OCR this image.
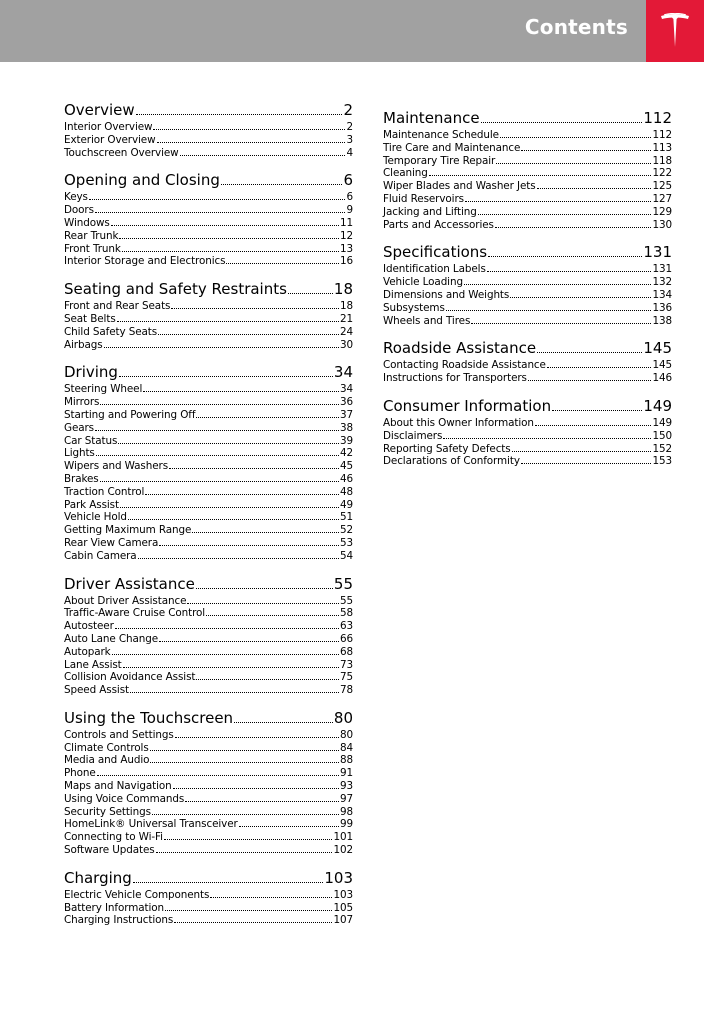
Contents
Overview	2
Interior Overview	2
Exterior Overview	3
Touchscreen Overview	4
Opening and Closing	6
Keys	6
Doors	9
Windows	11
Rear Trunk	12
Front Trunk	13
Interior Storage and Electronics	16
Seating and Safety Restraints	18
Front and Rear Seats	18
Seat Belts	21
Child Safety Seats	24
Airbags	30
Driving	34
Steering Wheel	34
Mirrors	36
Starting and Powering Off	37
Gears	38
Car Status	39
Lights	42
Wipers and Washers	45
Brakes	46
Traction Control	48
Park Assist	49
Vehicle Hold	51
Getting Maximum Range	52
Rear View Camera	53
Cabin Camera	54
Driver Assistance	55
About Driver Assistance	55
Traffic-Aware Cruise Control	58
Autosteer	63
Auto Lane Change	66
Autopark	68
Lane Assist	73
Collision Avoidance Assist	75
Speed Assist	78
Using the Touchscreen	80
Controls and Settings	80
Climate Controls	84
Media and Audio	88
Phone	91
Maps and Navigation	93
Using Voice Commands	97
Security Settings	98
HomeLink® Universal Transceiver	99
Connecting to Wi-Fi	101
Software Updates	102
Charging	103
Electric Vehicle Components	103
Battery Information	105
Charging Instructions	107
Maintenance	112
Maintenance Schedule	112
Tire Care and Maintenance	113
Temporary Tire Repair	118
Cleaning	122
Wiper Blades and Washer Jets	125
Fluid Reservoirs	127
Jacking and Lifting	129
Parts and Accessories	130
Specifications	131
Identification Labels	131
Vehicle Loading	132
Dimensions and Weights	134
Subsystems	136
Wheels and Tires	138
Roadside Assistance	145
Contacting Roadside Assistance	145
Instructions for Transporters	146
Consumer Information	149
About this Owner Information	149
Disclaimers	150
Reporting Safety Defects	152
Declarations of Conformity	153
